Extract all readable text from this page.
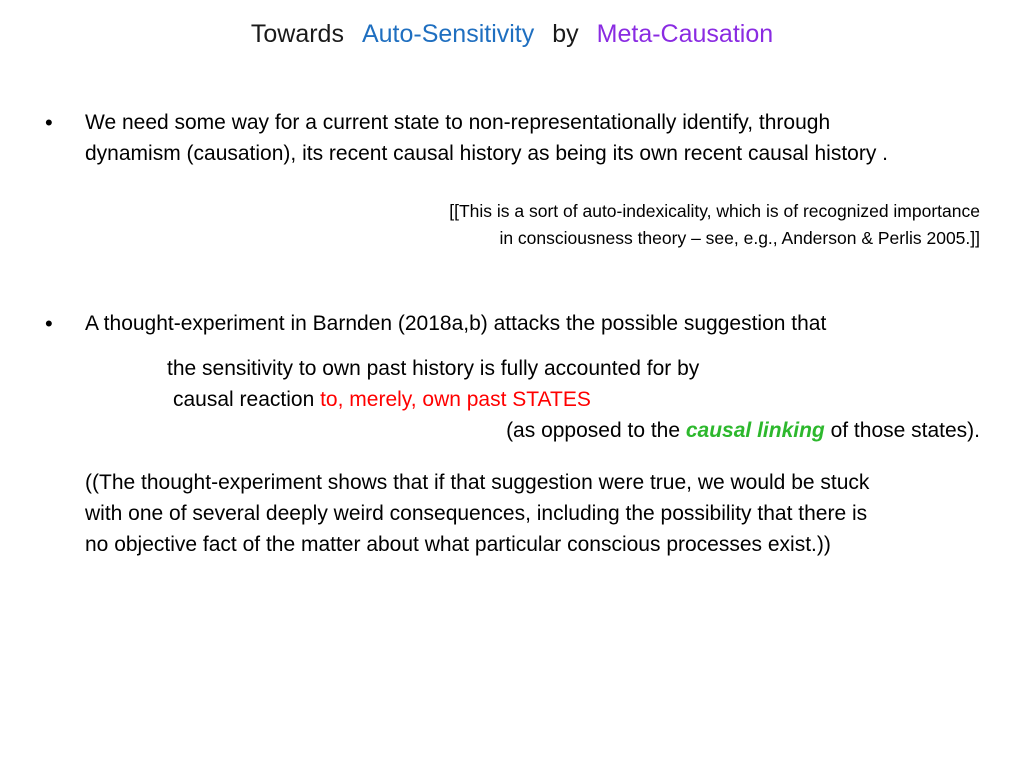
Towards Auto-Sensitivity by Meta-Causation
• We need some way for a current state to non-representationally identify, through
dynamism (causation), its recent causal history as being its own recent causal history .
[[This is a sort of auto-indexicality, which is of recognized importance
in consciousness theory – see, e.g., Anderson & Perlis 2005.]]
• A thought-experiment in Barnden (2018a,b) attacks the possible suggestion that
the sensitivity to own past history is fully accounted for by
causal reaction to, merely, own past STATES
(as opposed to the causal linking of those states).
((The thought-experiment shows that if that suggestion were true, we would be stuck
with one of several deeply weird consequences, including the possibility that there is
no objective fact of the matter about what particular conscious processes exist.))
